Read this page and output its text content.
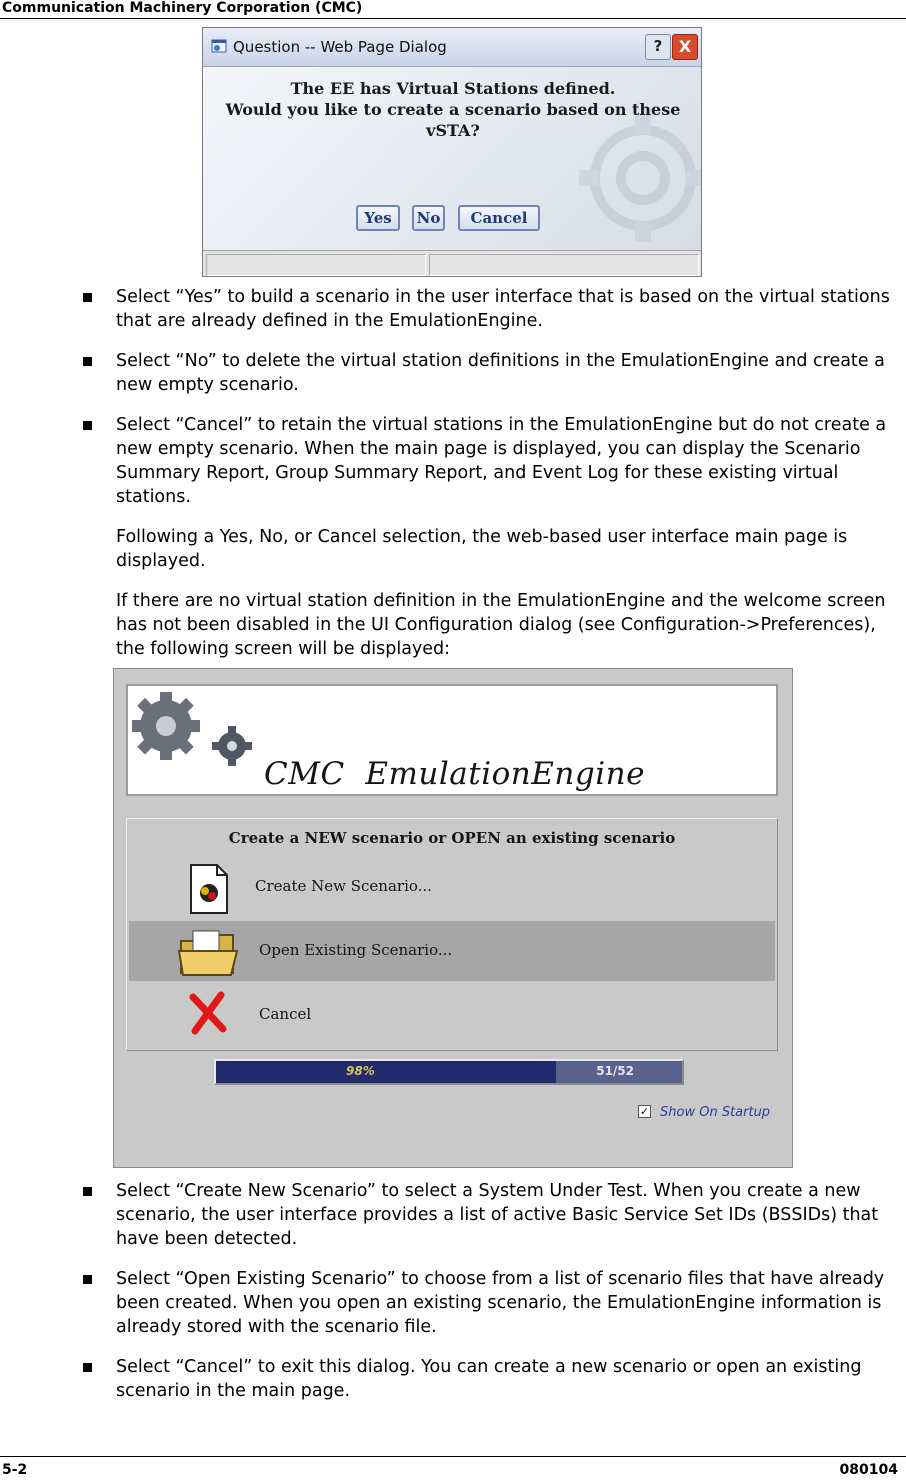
Communication Machinery Corporation (CMC)
Question -- Web Page Dialog	?	X
The EE has Virtual Stations defined.
Would you like to create a scenario based on these
vSTA?
Yes	No	Cancel
Select “Yes” to build a scenario in the user interface that is based on the virtual stations that are already defined in the EmulationEngine.
Select “No” to delete the virtual station definitions in the EmulationEngine and create a new empty scenario.
Select “Cancel” to retain the virtual stations in the EmulationEngine but do not create a new empty scenario. When the main page is displayed, you can display the Scenario Summary Report, Group Summary Report, and Event Log for these existing virtual stations.
Following a Yes, No, or Cancel selection, the web-based user interface main page is displayed.
If there are no virtual station definition in the EmulationEngine and the welcome screen has not been disabled in the UI Configuration dialog (see Configuration->Preferences), the following screen will be displayed:
CMC  EmulationEngine
Create a NEW scenario or OPEN an existing scenario
Create New Scenario...
Open Existing Scenario...
Cancel
98%	51/52
✓ Show On Startup
Select “Create New Scenario” to select a System Under Test. When you create a new scenario, the user interface provides a list of active Basic Service Set IDs (BSSIDs) that have been detected.
Select “Open Existing Scenario” to choose from a list of scenario files that have already been created. When you open an existing scenario, the EmulationEngine information is already stored with the scenario file.
Select “Cancel” to exit this dialog. You can create a new scenario or open an existing scenario in the main page.
5-2	080104
